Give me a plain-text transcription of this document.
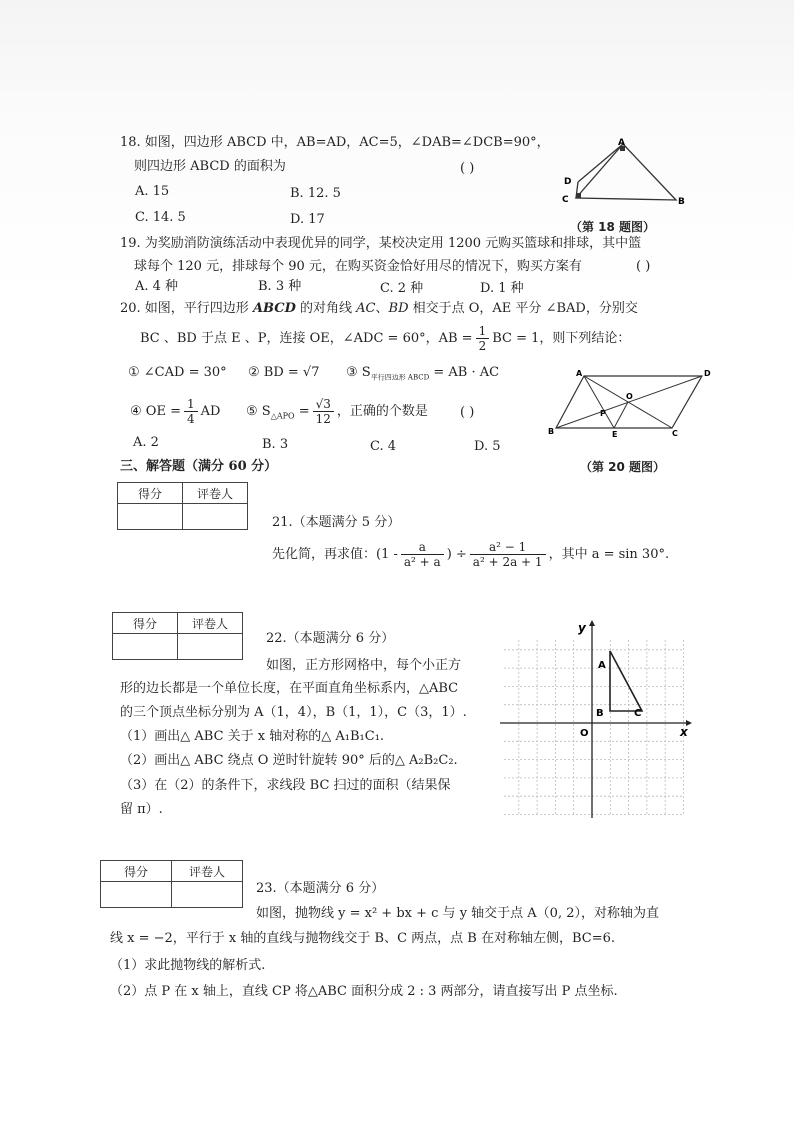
18. 如图，四边形 ABCD 中，AB=AD，AC=5，∠DAB=∠DCB=90°，
则四边形 ABCD 的面积为	( )
A. 15	B. 12. 5
C. 14. 5	D. 17
A
B
C
D
（第 18 题图）
19. 为奖励消防演练活动中表现优异的同学，某校决定用 1200 元购买篮球和排球，其中篮
球每个 120 元，排球每个 90 元，在购买资金恰好用尽的情况下，购买方案有	( )
A. 4 种	B. 3 种	C. 2 种	D. 1 种
20. 如图，平行四边形 ABCD 的对角线 AC、BD 相交于点 O，AE 平分 ∠BAD，分别交
BC 、BD 于点 E 、P，连接 OE，∠ADC = 60°，AB = $\frac{1}{2}$ BC = 1，则下列结论：
① ∠CAD = 30° ② BD = √7 ③ $S_{平行四边形 ABCD}$ = AB · AC
④ OE = $\frac{1}{4}$ AD ⑤ $S_{\triangle APO} = \frac{√3}{12}$ ，正确的个数是 ( )
A. 2	B. 3	C. 4	D. 5
A	D
B	C
O
P
E
（第 20 题图）
三、解答题（满分 60 分）
得分	评卷人

21.（本题满分 5 分）
先化简，再求值：($1 - \frac{a}{\text{a² + a}}$ ) ÷ $\frac{\text{a² − 1}}{\text{a² + 2a + 1}}$ ，其中 a = sin 30°.
得分	评卷人

22.（本题满分 6 分）
如图，正方形网格中，每个小正方
形的边长都是一个单位长度，在平面直角坐标系内，△ABC
的三个顶点坐标分别为 A（1，4），B（1，1），C（3，1）.
（1）画出△ ABC 关于 x 轴对称的△ A₁B₁C₁.
（2）画出△ ABC 绕点 O 逆时针旋转 90° 后的△ A₂B₂C₂.
（3）在（2）的条件下，求线段 BC 扫过的面积（结果保
留 π）.
x
y
O
A
B	C
得分	评卷人

23.（本题满分 6 分）
如图，抛物线 y = x² + bx + c 与 y 轴交于点 A（0, 2），对称轴为直
线 x = −2，平行于 x 轴的直线与抛物线交于 B、C 两点，点 B 在对称轴左侧，BC=6.
（1）求此抛物线的解析式.
（2）点 P 在 x 轴上，直线 CP 将△ABC 面积分成 2 : 3 两部分，请直接写出 P 点坐标.
